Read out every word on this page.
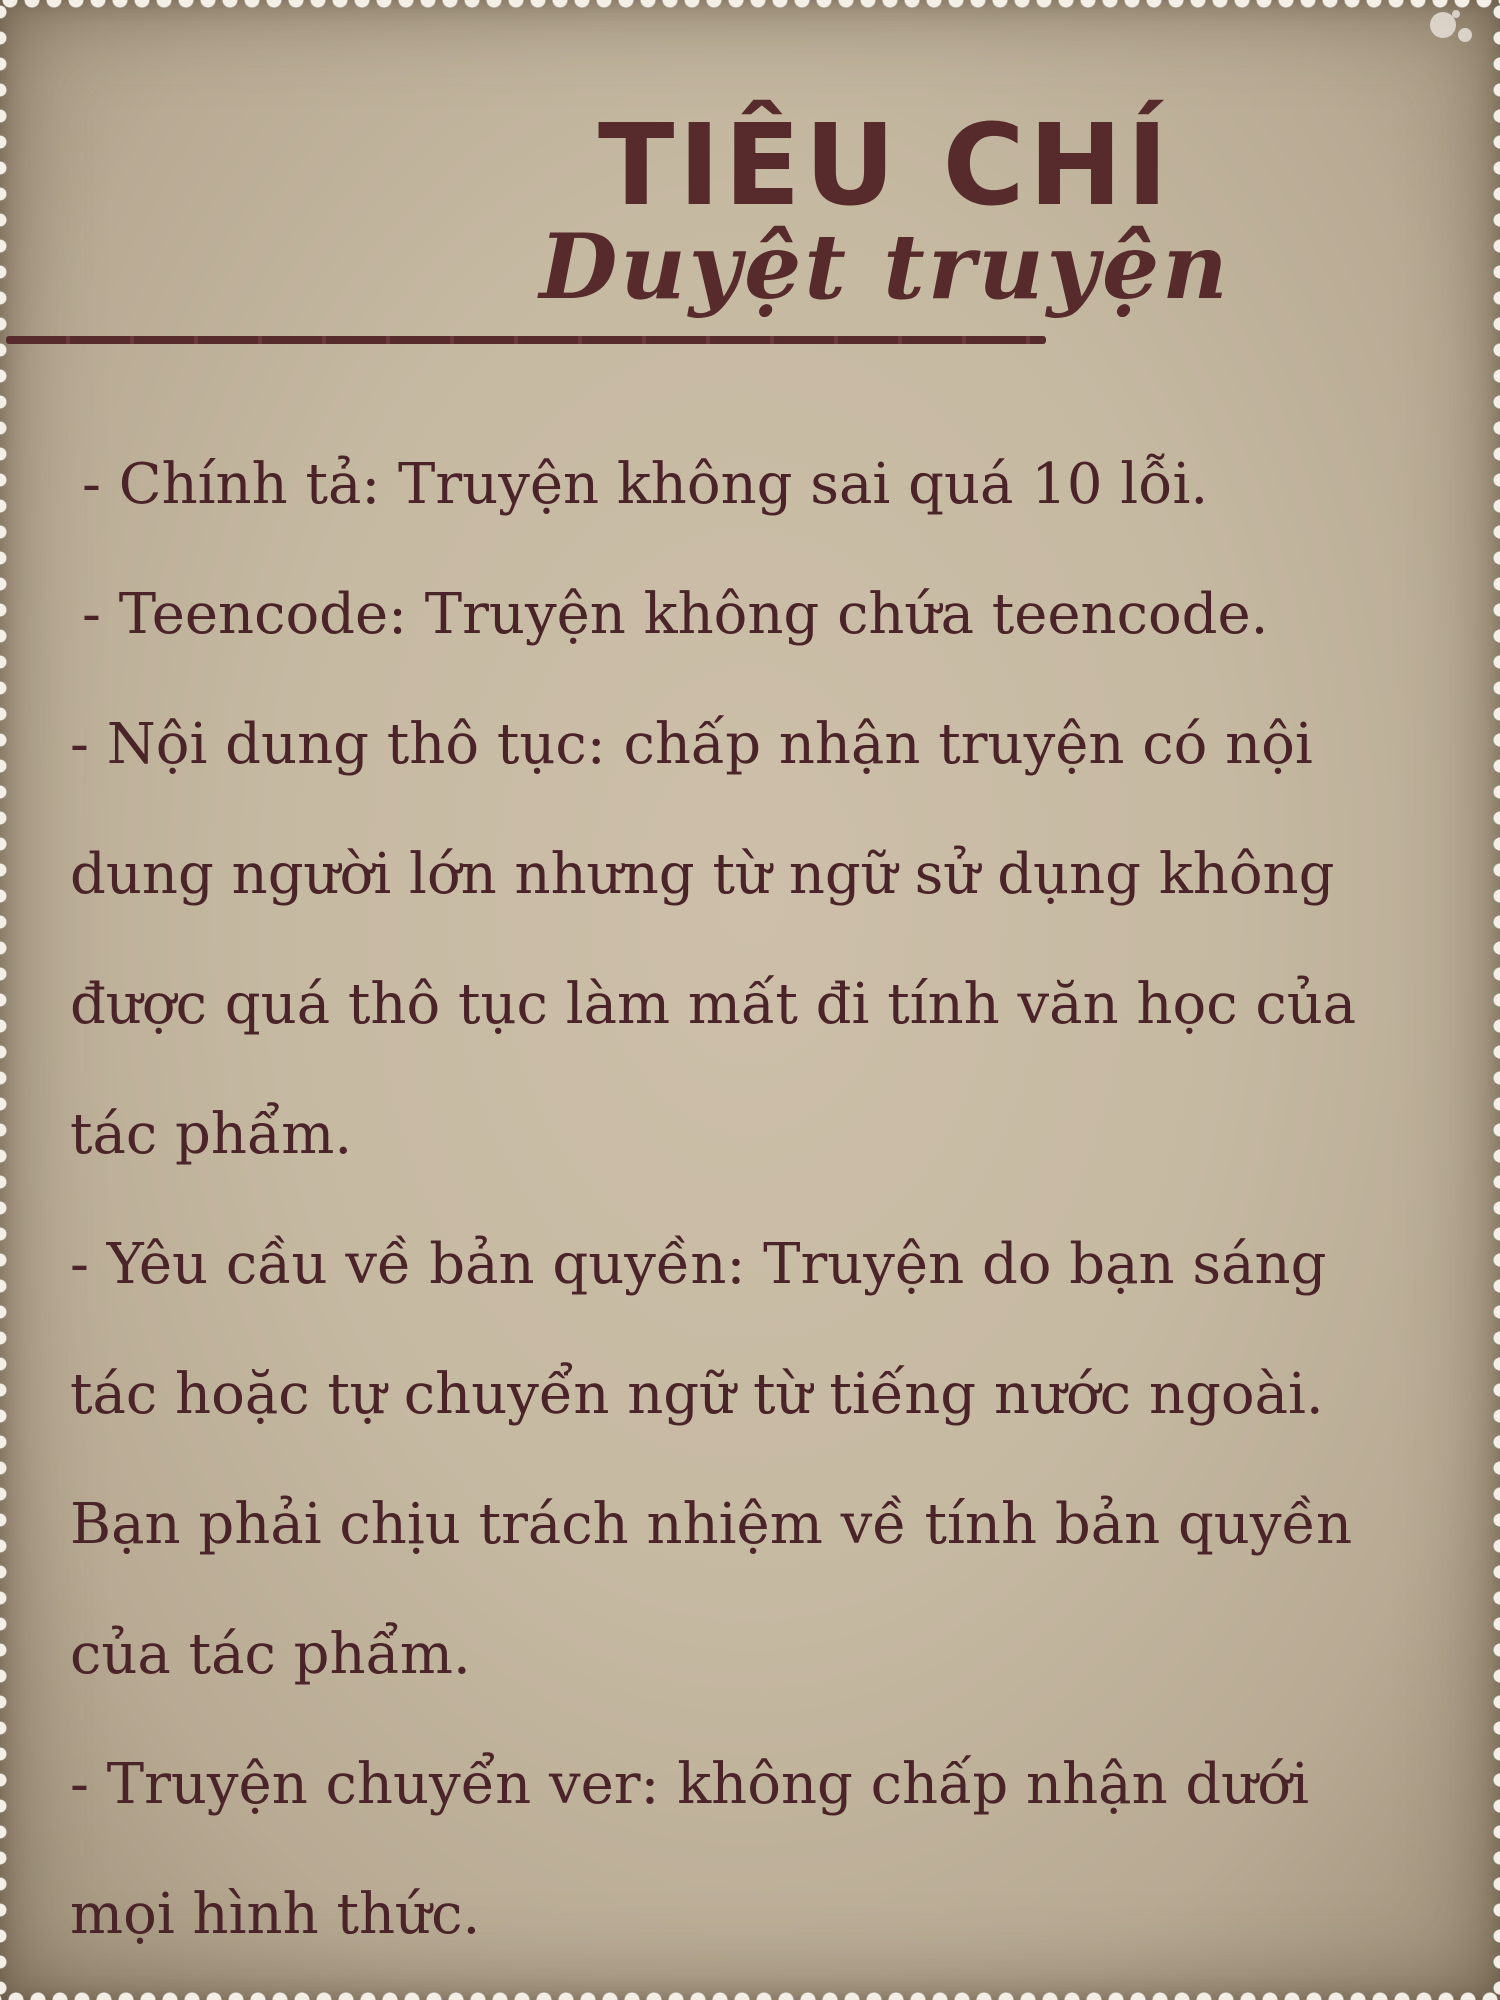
TIÊU CHÍ
Duyệt truyện
- Chính tả: Truyện không sai quá 10 lỗi.
- Teencode: Truyện không chứa teencode.
- Nội dung thô tục: chấp nhận truyện có nội dung người lớn nhưng từ ngữ sử dụng không được quá thô tục làm mất đi tính văn học của tác phẩm.
- Yêu cầu về bản quyền: Truyện do bạn sáng tác hoặc tự chuyển ngữ từ tiếng nước ngoài. Bạn phải chịu trách nhiệm về tính bản quyền của tác phẩm.
- Truyện chuyển ver: không chấp nhận dưới mọi hình thức.
